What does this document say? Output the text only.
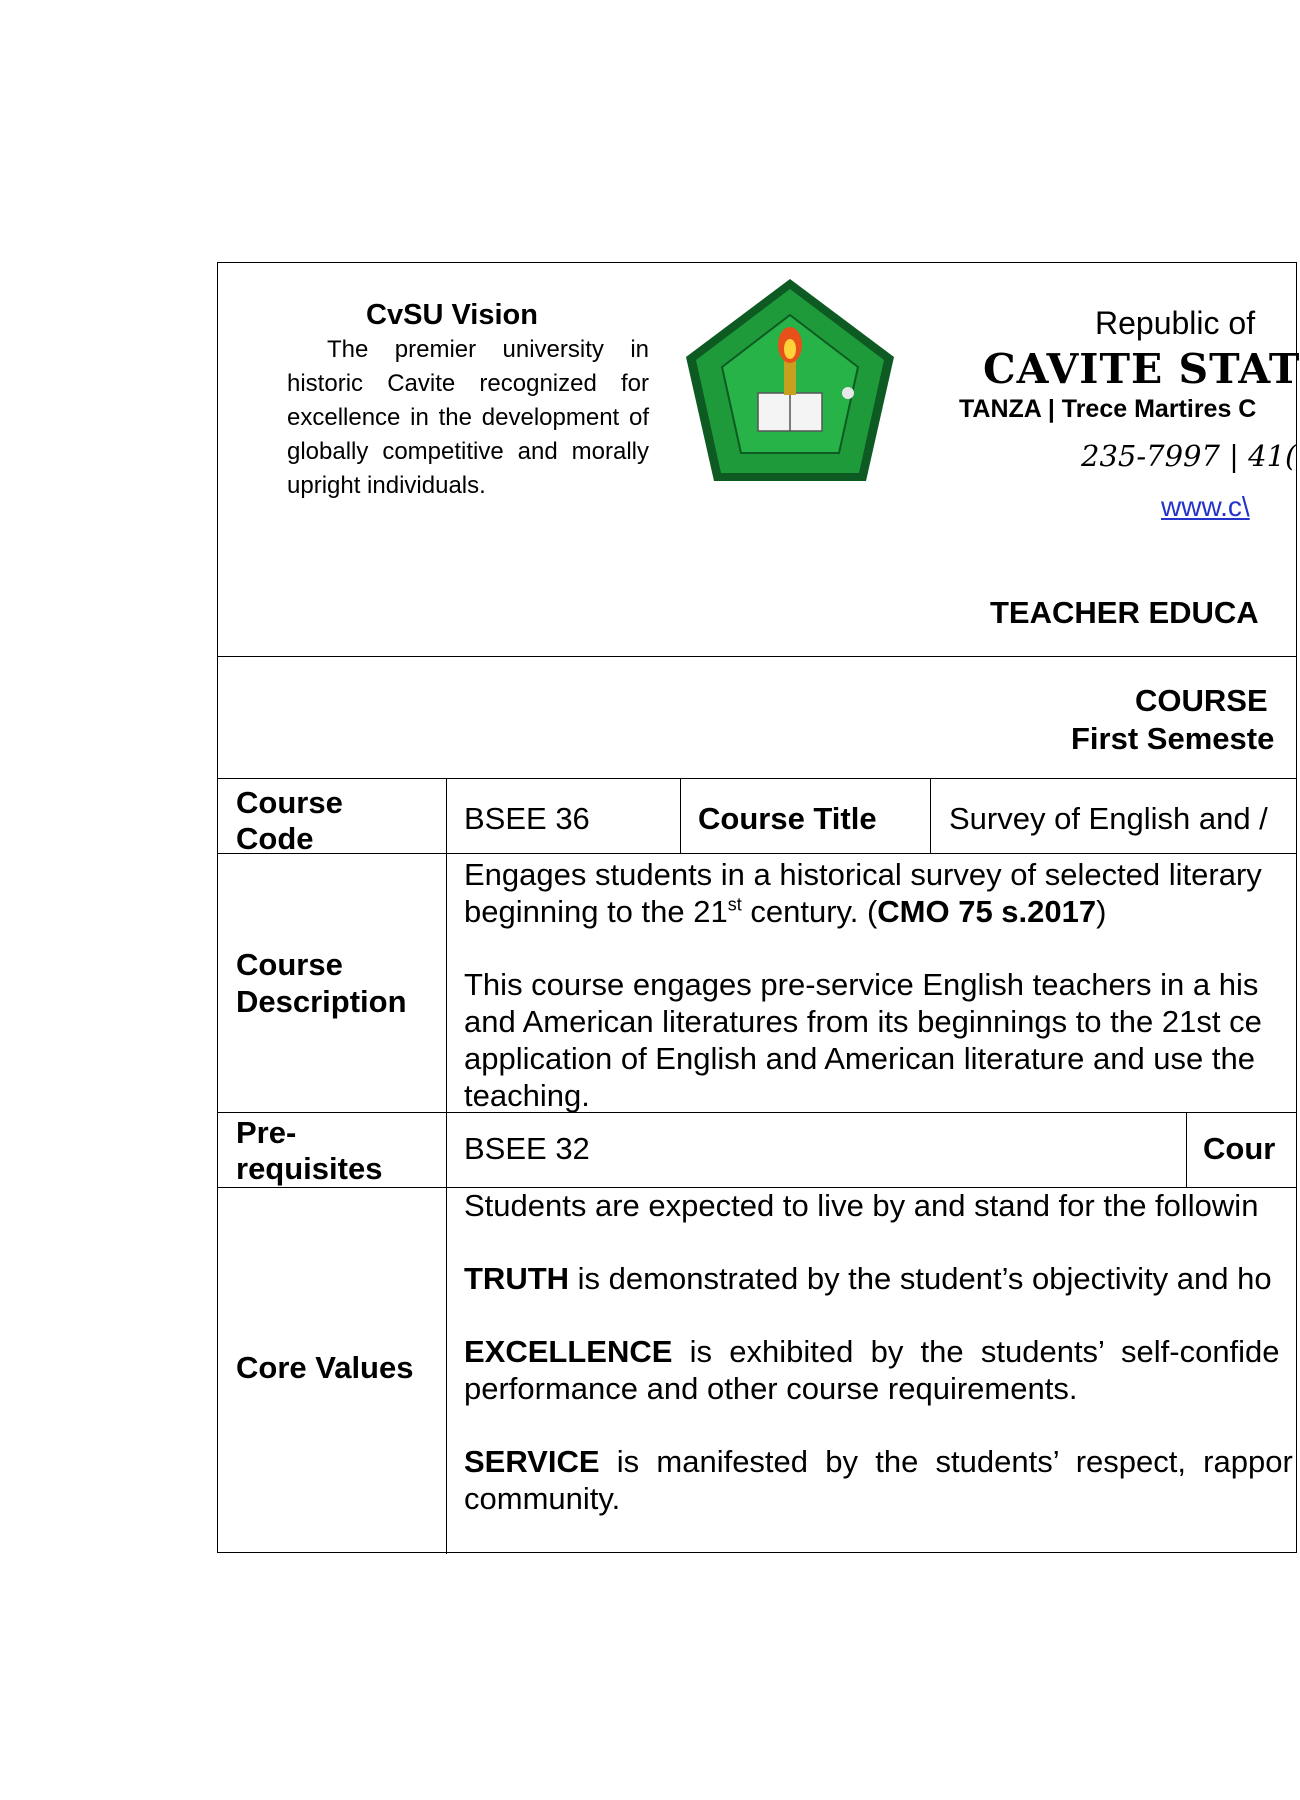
CvSU Vision
The premier university in historic Cavite recognized for excellence in the development of globally competitive and morally upright individuals.
Republic of
CAVITE STAT
TANZA | Trece Martires C
235-7997 | 41(
www.c\
TEACHER EDUCA
COURSE
First Semeste
Course
Code
BSEE 36	Course Title Survey of English and /
Course
Description
Engages students in a historical survey of selected literary
beginning to the 21st century. (CMO 75 s.2017)
This course engages pre-service English teachers in a his
and American literatures from its beginnings to the 21st ce
application of English and American literature and use the
teaching.
Pre-
requisites
BSEE 32	Cour
Core Values
Students are expected to live by and stand for the followin
TRUTH is demonstrated by the student’s objectivity and ho
EXCELLENCE  is  exhibited  by  the  students’  self-confide
performance and other course requirements.
SERVICE  is  manifested  by  the  students’  respect,  rappor
community.
